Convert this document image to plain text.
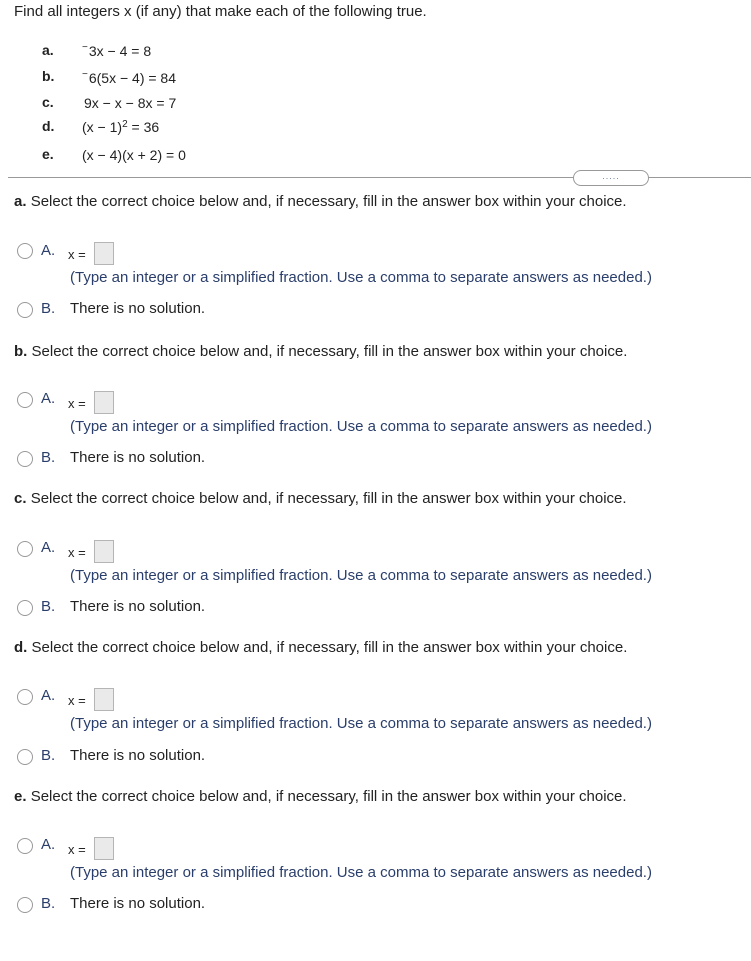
Find all integers x (if any) that make each of the following true.
a.	−3x − 4 = 8
b.	−6(5x − 4) = 84
c. 9x − x − 8x = 7
d. $(x - 1)^2 = 36$
e. (x − 4)(x + 2) = 0
.....
a. Select the correct choice below and, if necessary, fill in the answer box within your choice.
A. x =
(Type an integer or a simplified fraction. Use a comma to separate answers as needed.)
B. There is no solution.
b. Select the correct choice below and, if necessary, fill in the answer box within your choice.
A. x =
(Type an integer or a simplified fraction. Use a comma to separate answers as needed.)
B. There is no solution.
c. Select the correct choice below and, if necessary, fill in the answer box within your choice.
A. x =
(Type an integer or a simplified fraction. Use a comma to separate answers as needed.)
B. There is no solution.
d. Select the correct choice below and, if necessary, fill in the answer box within your choice.
A. x =
(Type an integer or a simplified fraction. Use a comma to separate answers as needed.)
B. There is no solution.
e. Select the correct choice below and, if necessary, fill in the answer box within your choice.
A. x =
(Type an integer or a simplified fraction. Use a comma to separate answers as needed.)
B. There is no solution.
